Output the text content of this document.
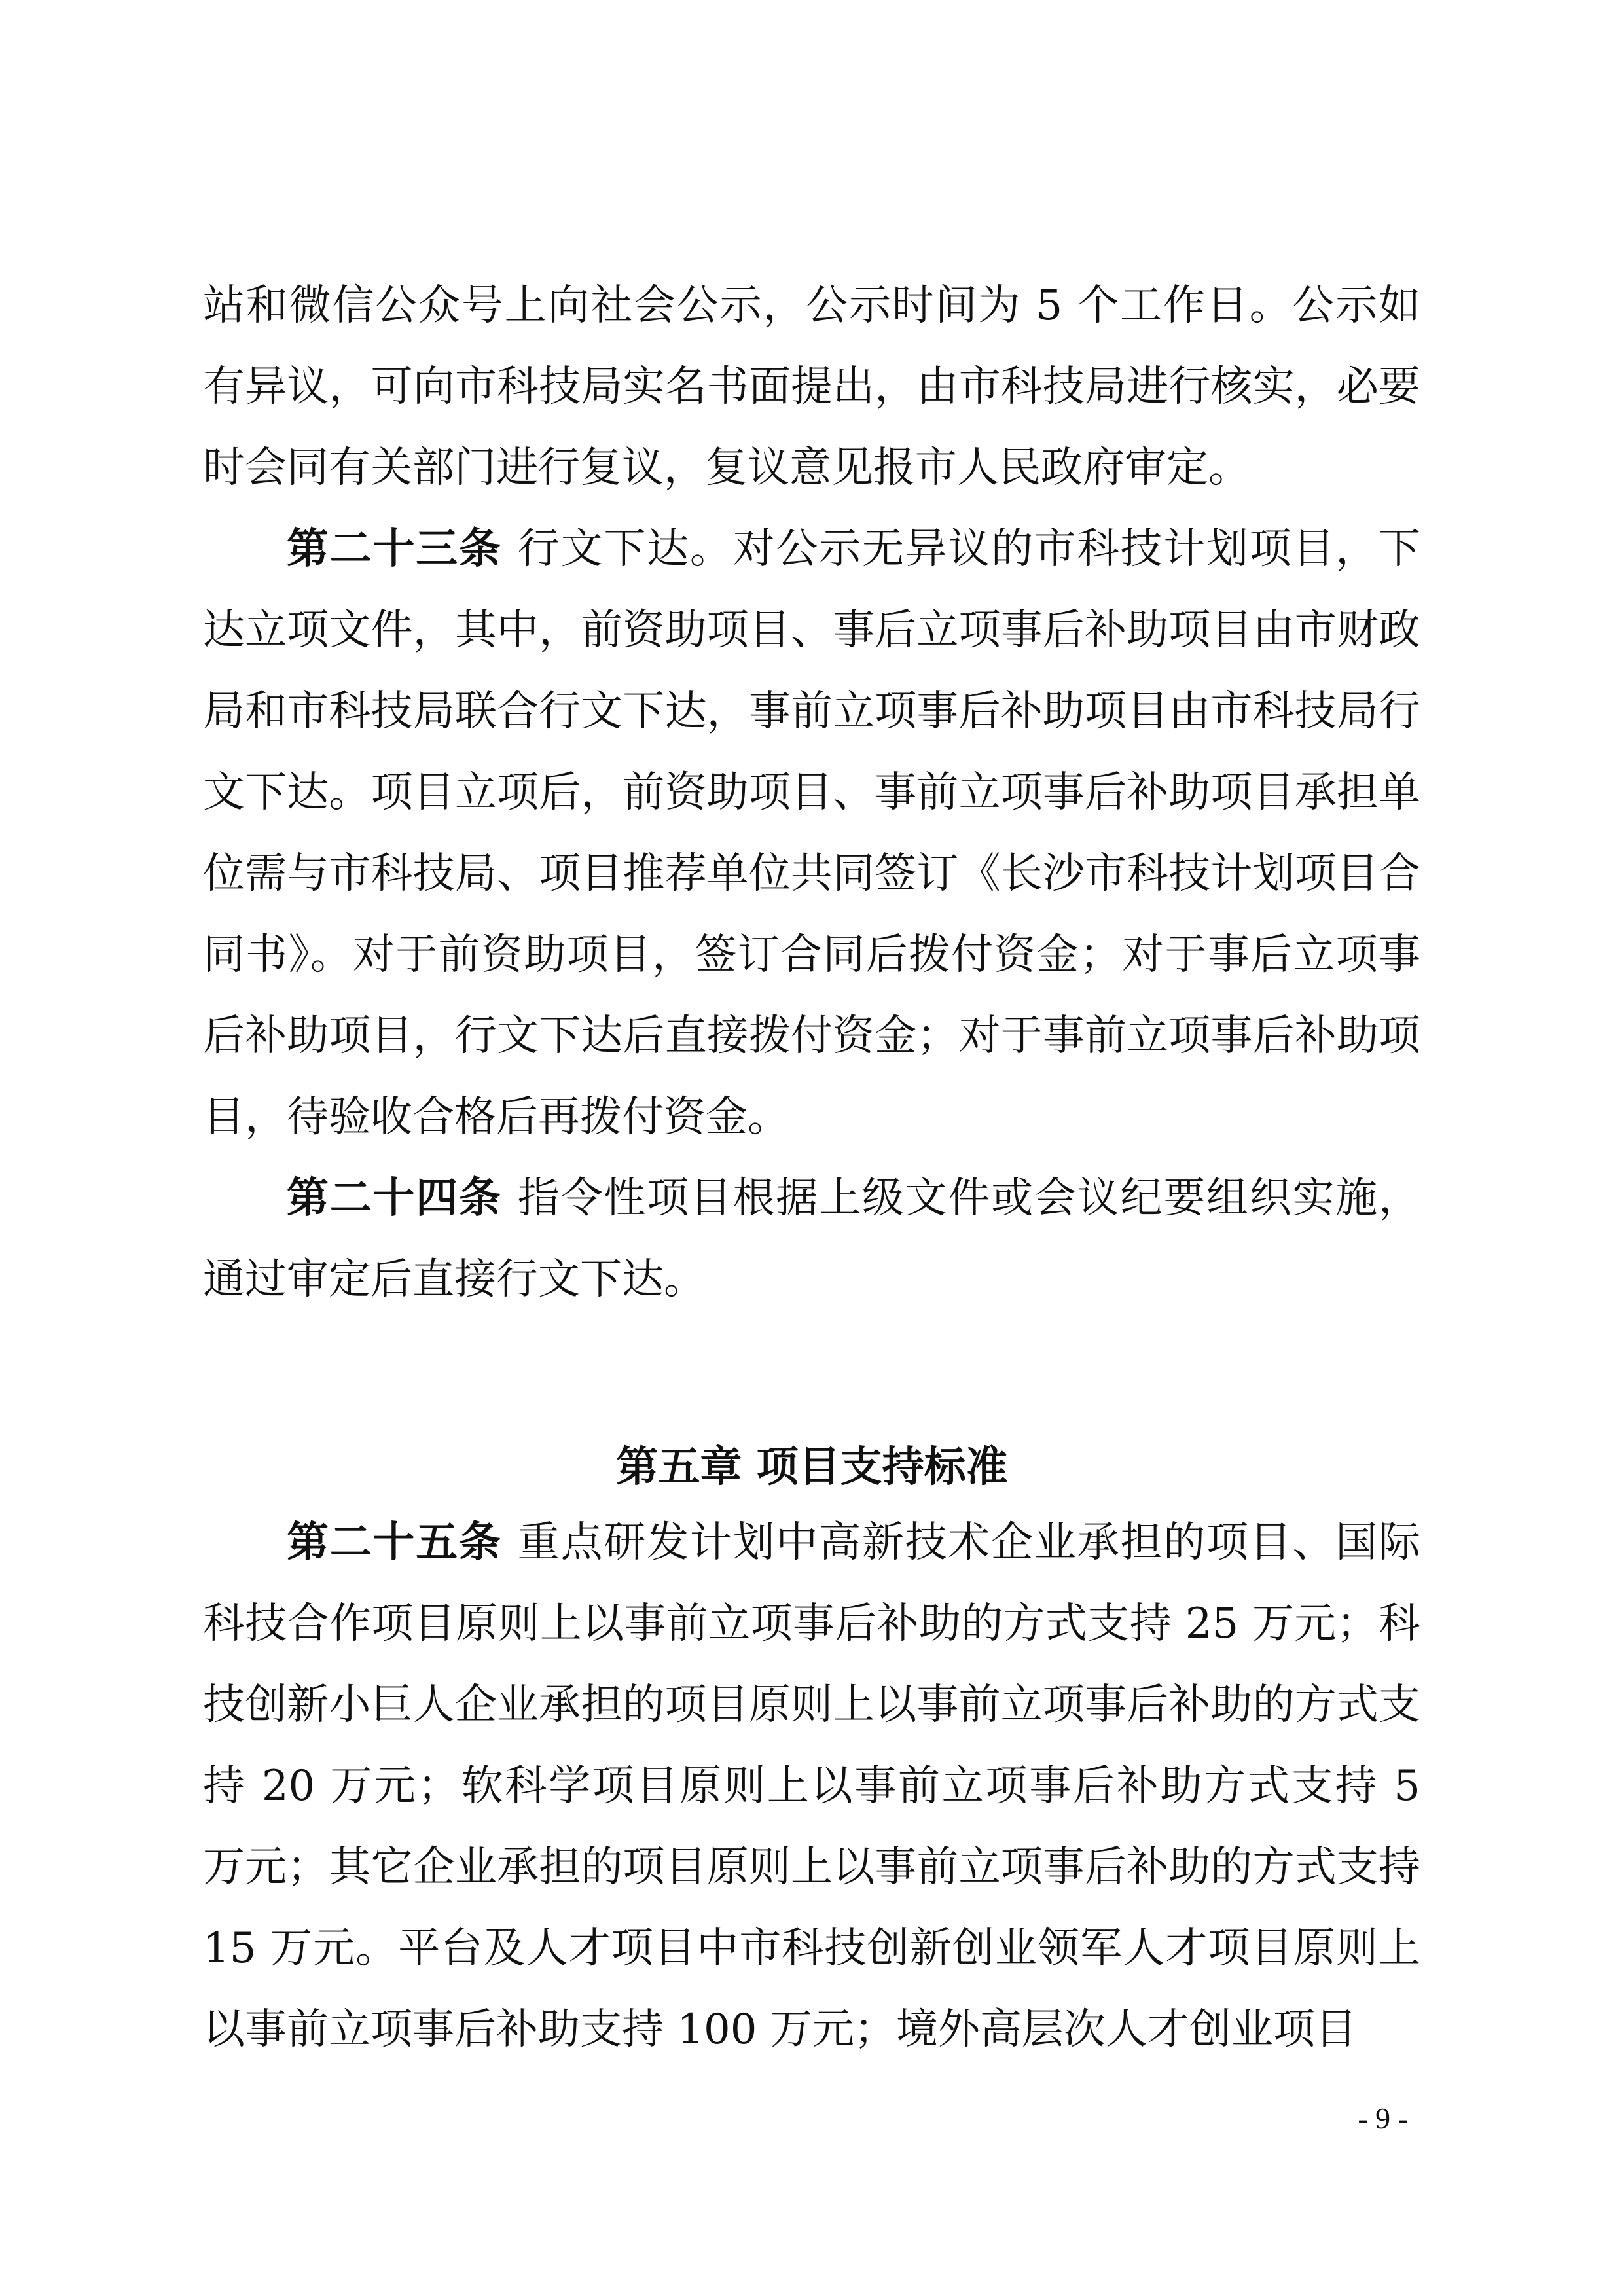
站和微信公众号上向社会公示，公示时间为 5 个工作日。公示如有异议，可向市科技局实名书面提出，由市科技局进行核实，必要时会同有关部门进行复议，复议意见报市人民政府审定。

第二十三条 行文下达。对公示无异议的市科技计划项目，下达立项文件，其中，前资助项目、事后立项事后补助项目由市财政局和市科技局联合行文下达，事前立项事后补助项目由市科技局行文下达。项目立项后，前资助项目、事前立项事后补助项目承担单位需与市科技局、项目推荐单位共同签订《长沙市科技计划项目合同书》。对于前资助项目，签订合同后拨付资金；对于事后立项事后补助项目，行文下达后直接拨付资金；对于事前立项事后补助项目，待验收合格后再拨付资金。

第二十四条 指令性项目根据上级文件或会议纪要组织实施，通过审定后直接行文下达。

第五章 项目支持标准

第二十五条 重点研发计划中高新技术企业承担的项目、国际科技合作项目原则上以事前立项事后补助的方式支持 25 万元；科技创新小巨人企业承担的项目原则上以事前立项事后补助的方式支持 20 万元；软科学项目原则上以事前立项事后补助方式支持 5 万元；其它企业承担的项目原则上以事前立项事后补助的方式支持 15 万元。平台及人才项目中市科技创新创业领军人才项目原则上以事前立项事后补助支持 100 万元；境外高层次人才创业项目

- 9 -
